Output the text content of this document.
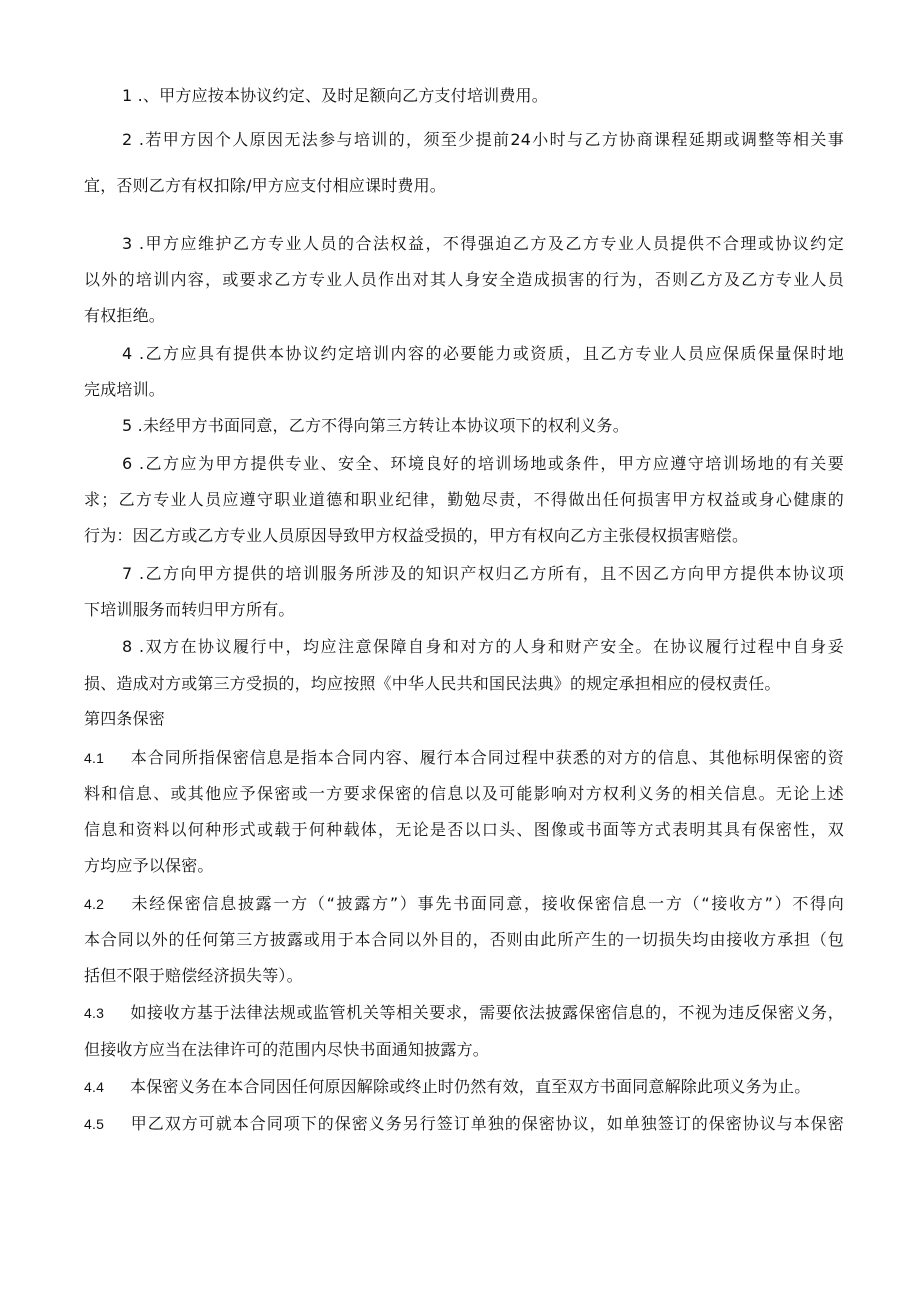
1 .、甲方应按本协议约定、及时足额向乙方支付培训费用。
2 .若甲方因个人原因无法参与培训的，须至少提前24小时与乙方协商课程延期或调整等相关事
宜，否则乙方有权扣除/甲方应支付相应课时费用。
3 .甲方应维护乙方专业人员的合法权益，不得强迫乙方及乙方专业人员提供不合理或协议约定
以外的培训内容，或要求乙方专业人员作出对其人身安全造成损害的行为，否则乙方及乙方专业人员
有权拒绝。
4 .乙方应具有提供本协议约定培训内容的必要能力或资质，且乙方专业人员应保质保量保时地
完成培训。
5 .未经甲方书面同意，乙方不得向第三方转让本协议项下的权利义务。
6 .乙方应为甲方提供专业、安全、环境良好的培训场地或条件，甲方应遵守培训场地的有关要
求；乙方专业人员应遵守职业道德和职业纪律，勤勉尽责，不得做出任何损害甲方权益或身心健康的
行为：因乙方或乙方专业人员原因导致甲方权益受损的，甲方有权向乙方主张侵权损害赔偿。
7 .乙方向甲方提供的培训服务所涉及的知识产权归乙方所有，且不因乙方向甲方提供本协议项
下培训服务而转归甲方所有。
8 .双方在协议履行中，均应注意保障自身和对方的人身和财产安全。在协议履行过程中自身妥
损、造成对方或第三方受损的，均应按照《中华人民共和国民法典》的规定承担相应的侵权责任。
第四条保密
4.1 本合同所指保密信息是指本合同内容、履行本合同过程中获悉的对方的信息、其他标明保密的资
料和信息、或其他应予保密或一方要求保密的信息以及可能影响对方权利义务的相关信息。无论上述
信息和资料以何种形式或载于何种载体，无论是否以口头、图像或书面等方式表明其具有保密性，双
方均应予以保密。
4.2 未经保密信息披露一方（“披露方”）事先书面同意，接收保密信息一方（“接收方”）不得向
本合同以外的任何第三方披露或用于本合同以外目的，否则由此所产生的一切损失均由接收方承担（包
括但不限于赔偿经济损失等）。
4.3 如接收方基于法律法规或监管机关等相关要求，需要依法披露保密信息的，不视为违反保密义务，
但接收方应当在法律许可的范围内尽快书面通知披露方。
4.4 本保密义务在本合同因任何原因解除或终止时仍然有效，直至双方书面同意解除此项义务为止。
4.5 甲乙双方可就本合同项下的保密义务另行签订单独的保密协议，如单独签订的保密协议与本保密
